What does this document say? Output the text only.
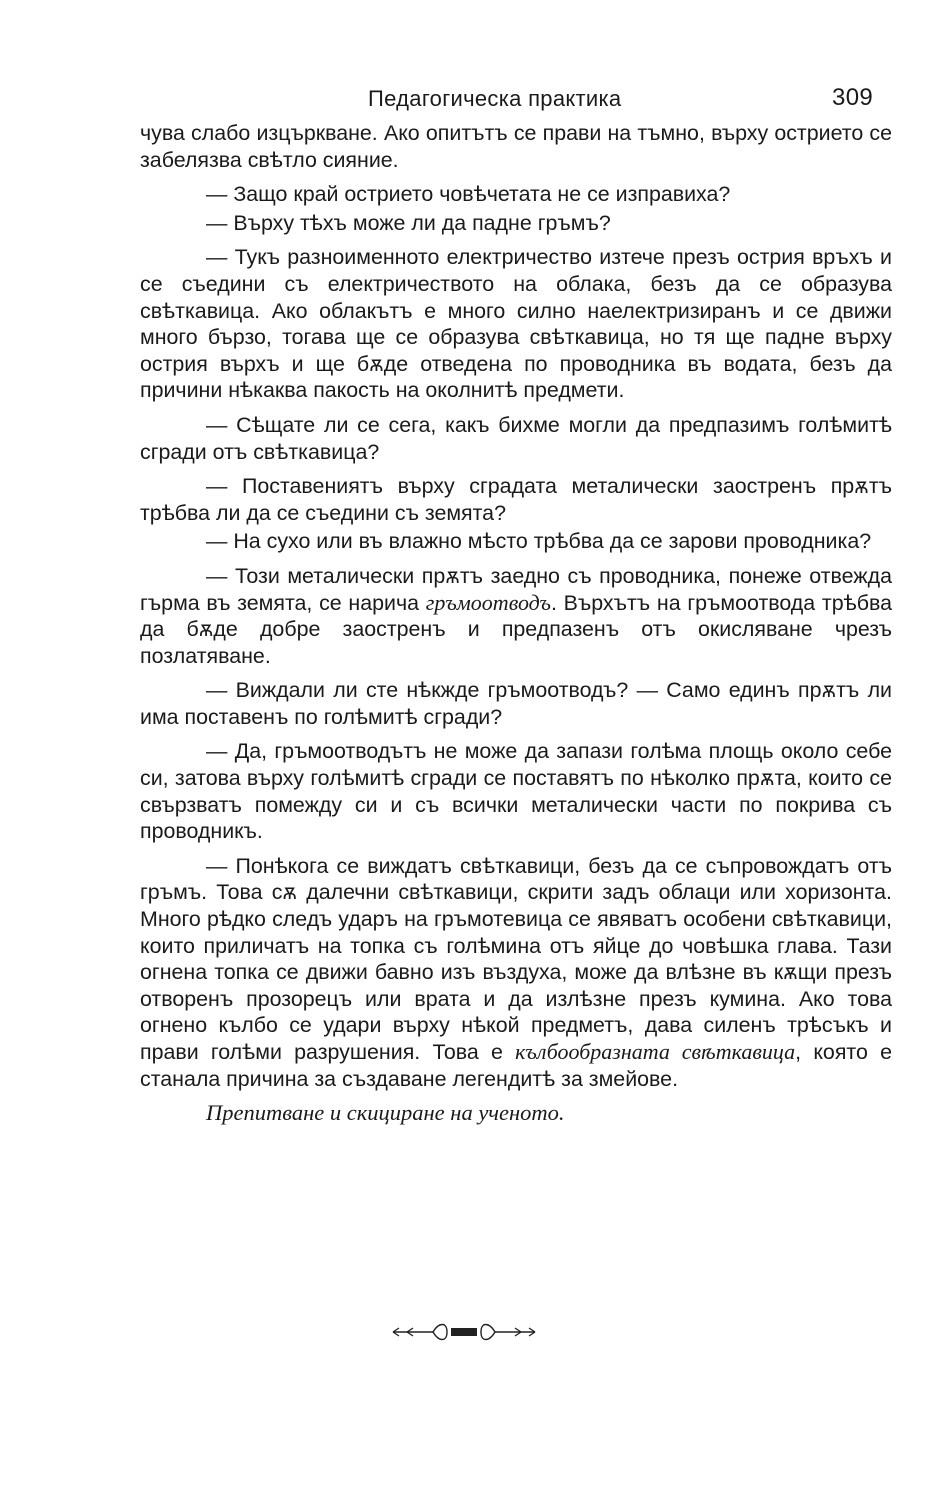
Педагогическа практика	309

чува слабо изцъркване. Ако опитътъ се прави на тъмно, върху острието се забелязва свѣтло сияние.

— Защо край острието човѣчетата не се изправиха?

— Върху тѣхъ може ли да падне гръмъ?

— Тукъ разноименното електричество изтече презъ острия връхъ и се съедини съ електричеството на облака, безъ да се образува свѣткавица. Ако облакътъ е много силно наелектризиранъ и се движи много бързо, тогава ще се образува свѣткавица, но тя ще падне върху острия върхъ и ще бѫде отведена по проводника въ водата, безъ да причини нѣкаква пакость на околнитѣ предмети.

— Сѣщате ли се сега, какъ бихме могли да предпазимъ голѣмитѣ сгради отъ свѣткавица?

— Поставениятъ върху сградата металически заостренъ прѫтъ трѣбва ли да се съедини съ земята?

— На сухо или въ влажно мѣсто трѣбва да се зарови проводника?

— Този металически прѫтъ заедно съ проводника, понеже отвежда гърма въ земята, се нарича гръмоотводъ. Върхътъ на гръмоотвода трѣбва да бѫде добре заостренъ и предпазенъ отъ окисляване чрезъ позлатяване.

— Виждали ли сте нѣкжде гръмоотводъ? — Само единъ прѫтъ ли има поставенъ по голѣмитѣ сгради?

— Да, гръмоотводътъ не може да запази голѣма площь около себе си, затова върху голѣмитѣ сгради се поставятъ по нѣколко прѫта, които се свързватъ помежду си и съ всички металически части по покрива съ проводникъ.

— Понѣкога се виждатъ свѣткавици, безъ да се съпровождатъ отъ гръмъ. Това сѫ далечни свѣткавици, скрити задъ облаци или хоризонта. Много рѣдко следъ ударъ на гръмотевица се явяватъ особени свѣткавици, които приличатъ на топка съ голѣмина отъ яйце до човѣшка глава. Тази огнена топка се движи бавно изъ въздуха, може да влѣзне въ кѫщи презъ отворенъ прозорецъ или врата и да излѣзне презъ кумина. Ако това огнено кълбо се удари върху нѣкой предметъ, дава силенъ трѣсъкъ и прави голѣми разрушения. Това е кълбообразната свѣткавица, която е станала причина за създаване легендитѣ за змейове.

Препитване и скициране на ученото.
